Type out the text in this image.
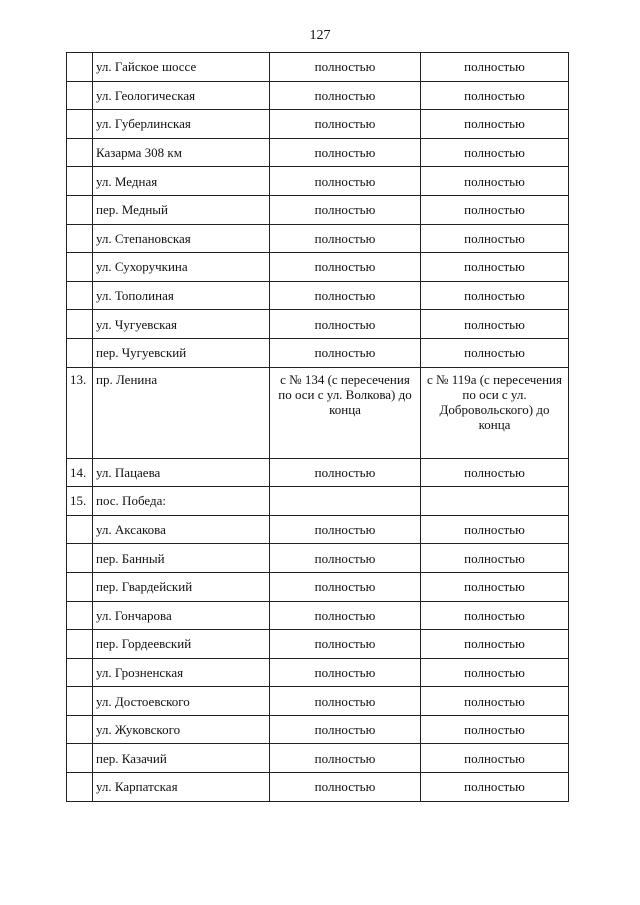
127
	ул. Гайское шоссе	полностью	полностью
	ул. Геологическая	полностью	полностью
	ул. Губерлинская	полностью	полностью
	Казарма 308 км	полностью	полностью
	ул. Медная	полностью	полностью
	пер. Медный	полностью	полностью
	ул. Степановская	полностью	полностью
	ул. Сухоручкина	полностью	полностью
	ул. Тополиная	полностью	полностью
	ул. Чугуевская	полностью	полностью
	пер. Чугуевский	полностью	полностью
13.	пр. Ленина	с № 134 (с пересечения по оси с ул. Волкова) до конца	с № 119а (с пересечения по оси с ул. Добровольского) до конца
14.	ул. Пацаева	полностью	полностью
15.	пос. Победа:		
	ул. Аксакова	полностью	полностью
	пер. Банный	полностью	полностью
	пер. Гвардейский	полностью	полностью
	ул. Гончарова	полностью	полностью
	пер. Гордеевский	полностью	полностью
	ул. Грозненская	полностью	полностью
	ул. Достоевского	полностью	полностью
	ул. Жуковского	полностью	полностью
	пер. Казачий	полностью	полностью
	ул. Карпатская	полностью	полностью
